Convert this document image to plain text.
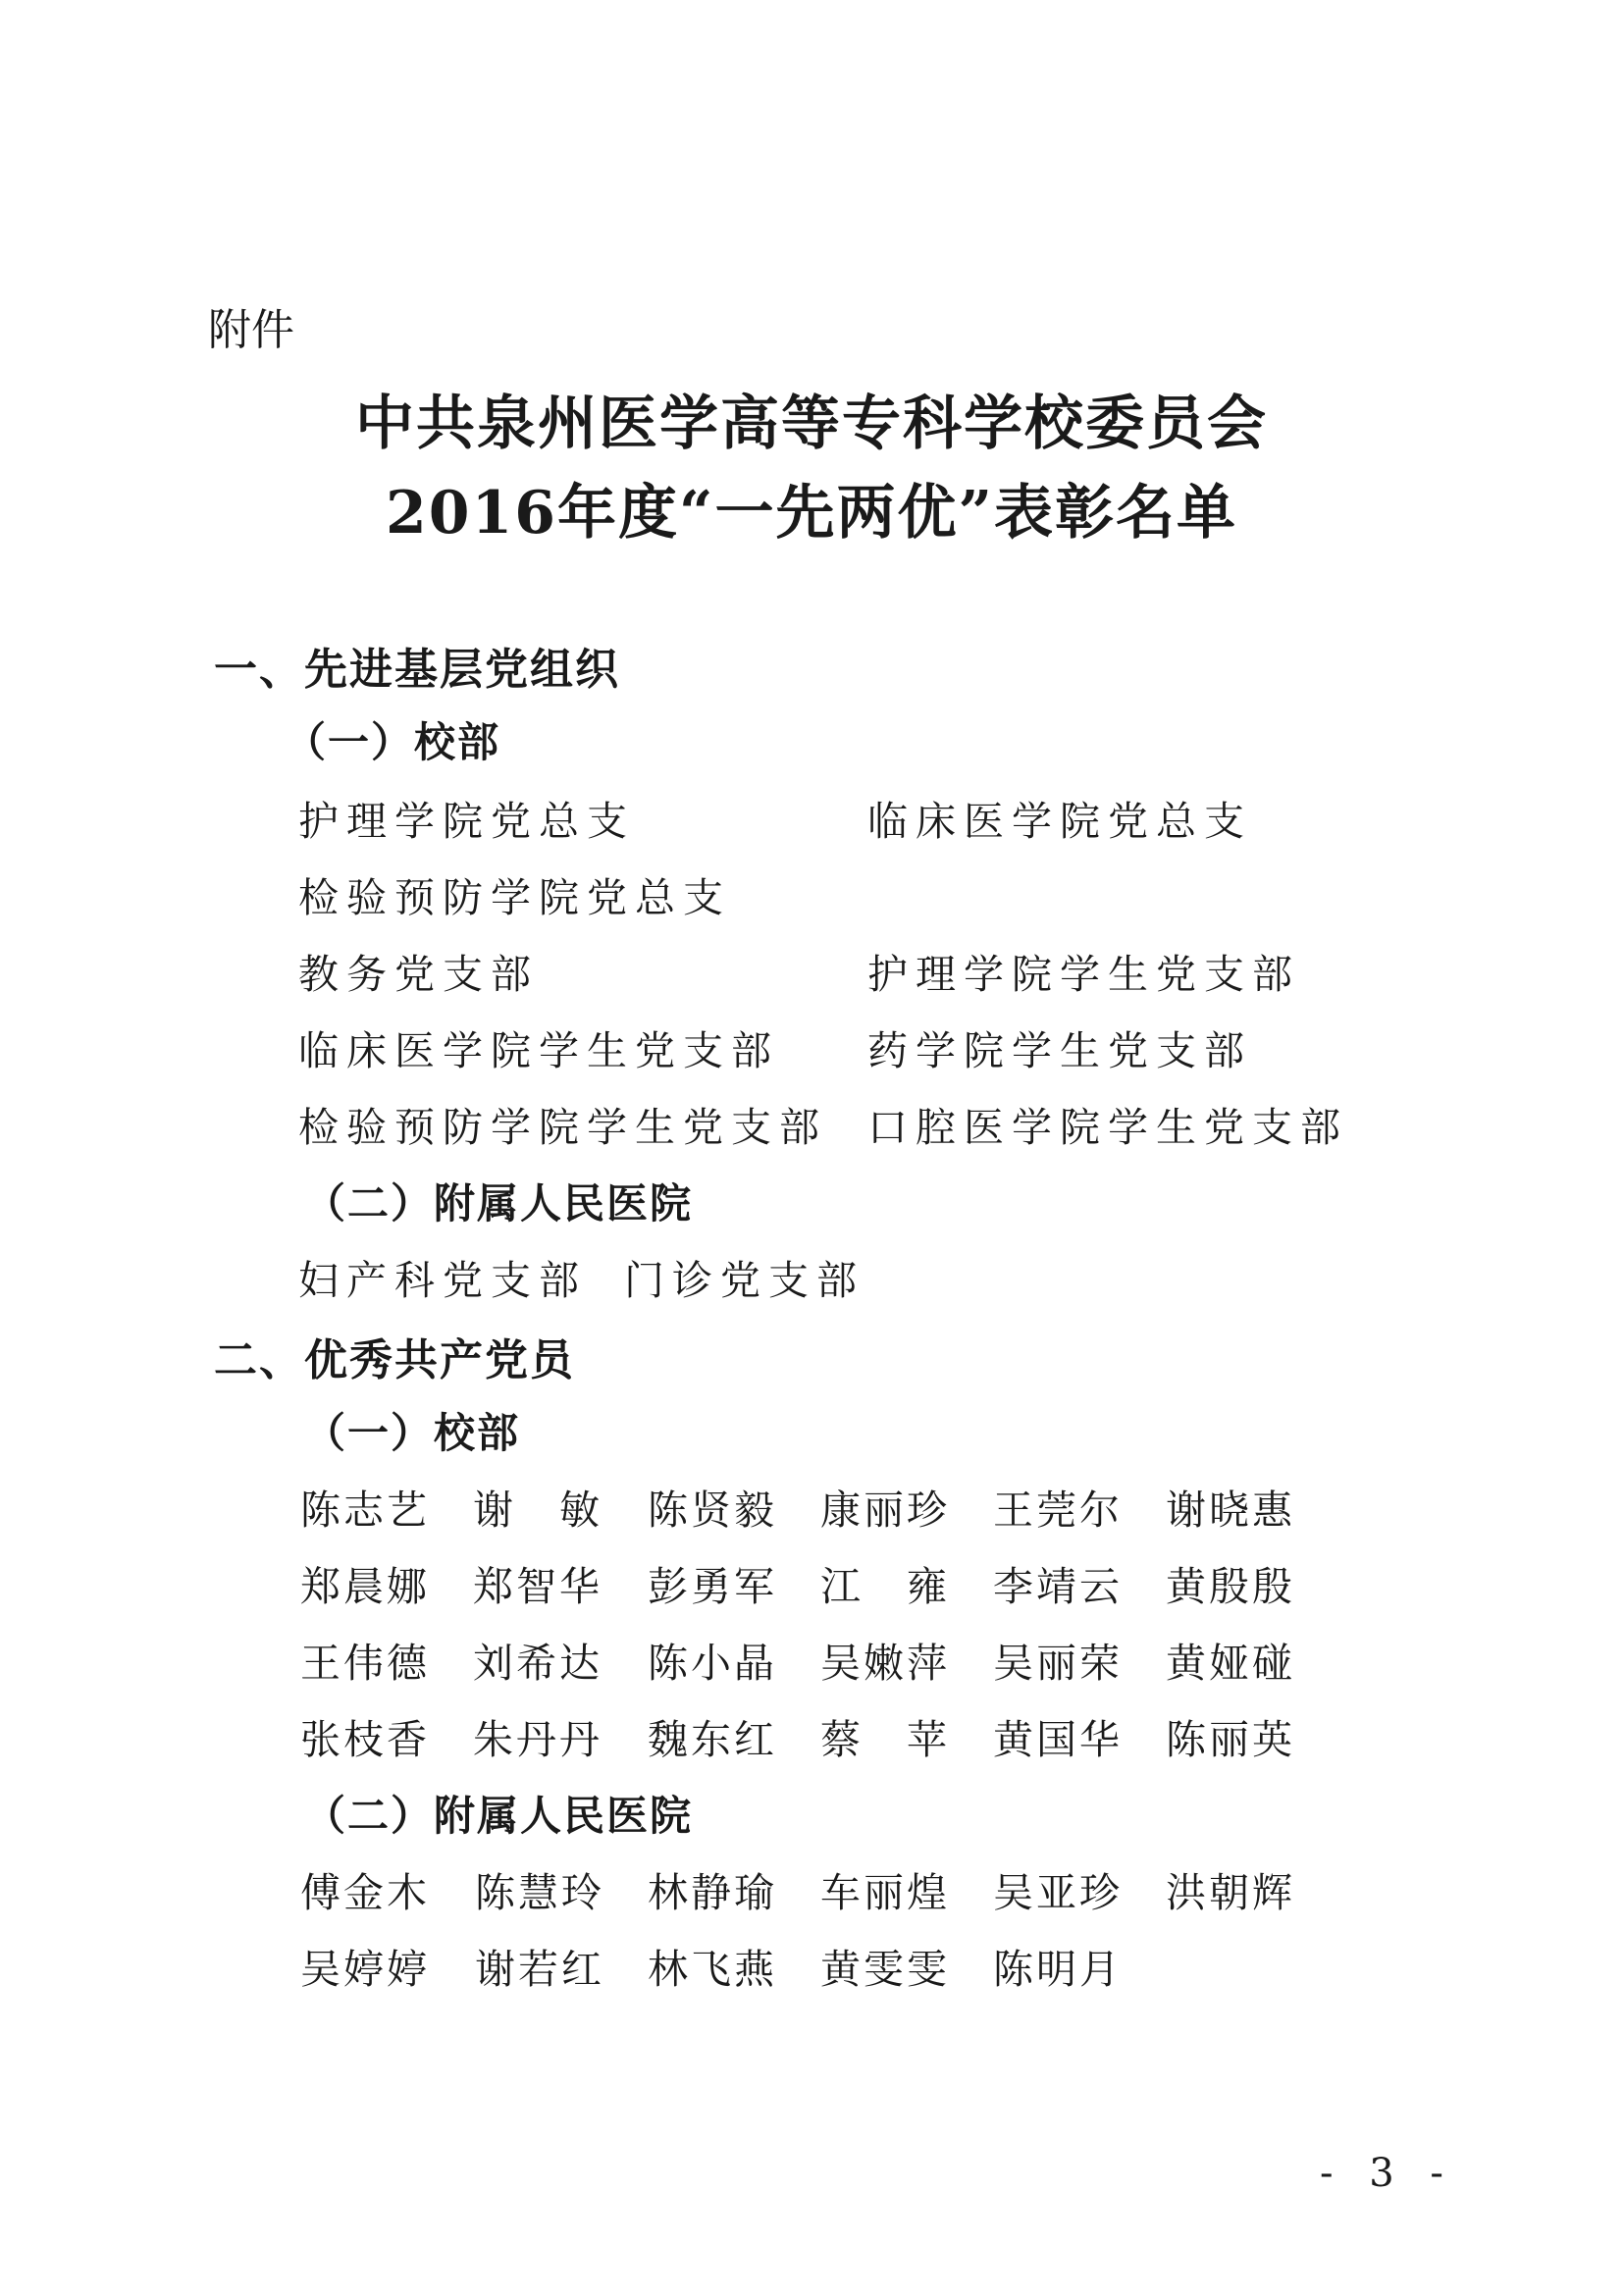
附件
中共泉州医学高等专科学校委员会
2016年度“一先两优”表彰名单
一、先进基层党组织
（一）校部
护理学院党总支	临床医学院党总支
检验预防学院党总支
教务党支部	护理学院学生党支部
临床医学院学生党支部 药学院学生党支部
检验预防学院学生党支部 口腔医学院学生党支部
（二）附属人民医院
妇产科党支部 门诊党支部
二、优秀共产党员
（一）校部
陈志艺 谢　敏 陈贤毅 康丽珍 王莞尔 谢晓惠
郑晨娜 郑智华 彭勇军 江　雍 李靖云 黄殷殷
王伟德 刘希达 陈小晶 吴嫩萍 吴丽荣 黄娅碰
张枝香 朱丹丹 魏东红 蔡　苹 黄国华 陈丽英
（二）附属人民医院
傅金木 陈慧玲 林静瑜 车丽煌 吴亚珍 洪朝辉
吴婷婷 谢若红 林飞燕 黄雯雯 陈明月
- 3 -
